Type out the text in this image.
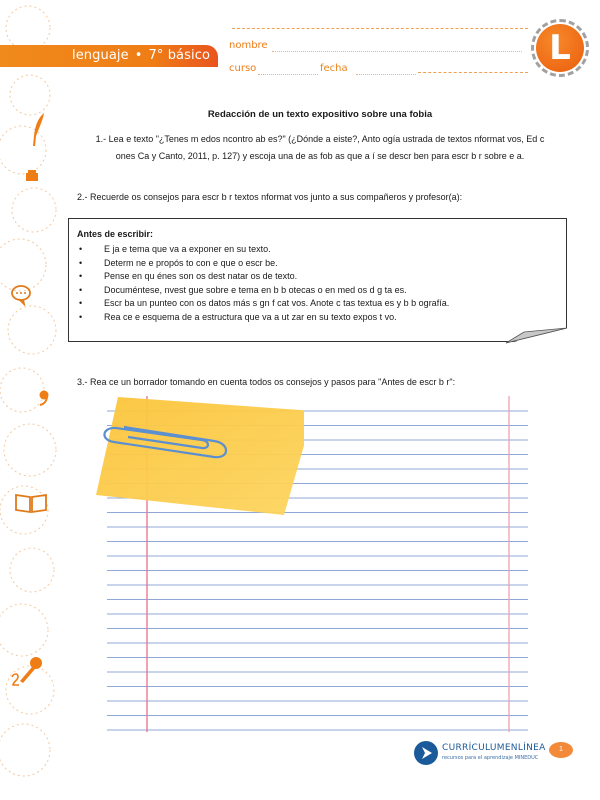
lenguaje • 7° básico
nombre
curso	fecha
L
Redacción de un texto expositivo sobre una fobia
1.- Lea e texto "¿Tenes m edos ncontro ab es?" (¿Dónde a eiste?, Anto ogía ustrada de textos nformat vos, Ed c ones Ca y Canto, 2011, p. 127) y escoja una de as fob as que a í se descr ben para escr b r sobre e a.
2.- Recuerde os consejos para escr b r textos nformat vos junto a sus compañeros y profesor(a):
Antes de escribir:
• E ja e tema que va a exponer en su texto.
• Determ ne e propós to con e que o escr be.
• Pense en qu énes son os dest natar os de texto.
• Documéntese, nvest gue sobre e tema en b b otecas o en med os d g ta es.
• Escr ba un punteo con os datos más s gn f cat vos. Anote c tas textua es y b b ografía.
• Rea ce e esquema de a estructura que va a ut zar en su texto expos t vo.
3.- Rea ce un borrador tomando en cuenta todos os consejos y pasos para "Antes de escr b r":
CURRÍCULUMENLÍNEA
recursos para el aprendizaje MINEDUC
1
